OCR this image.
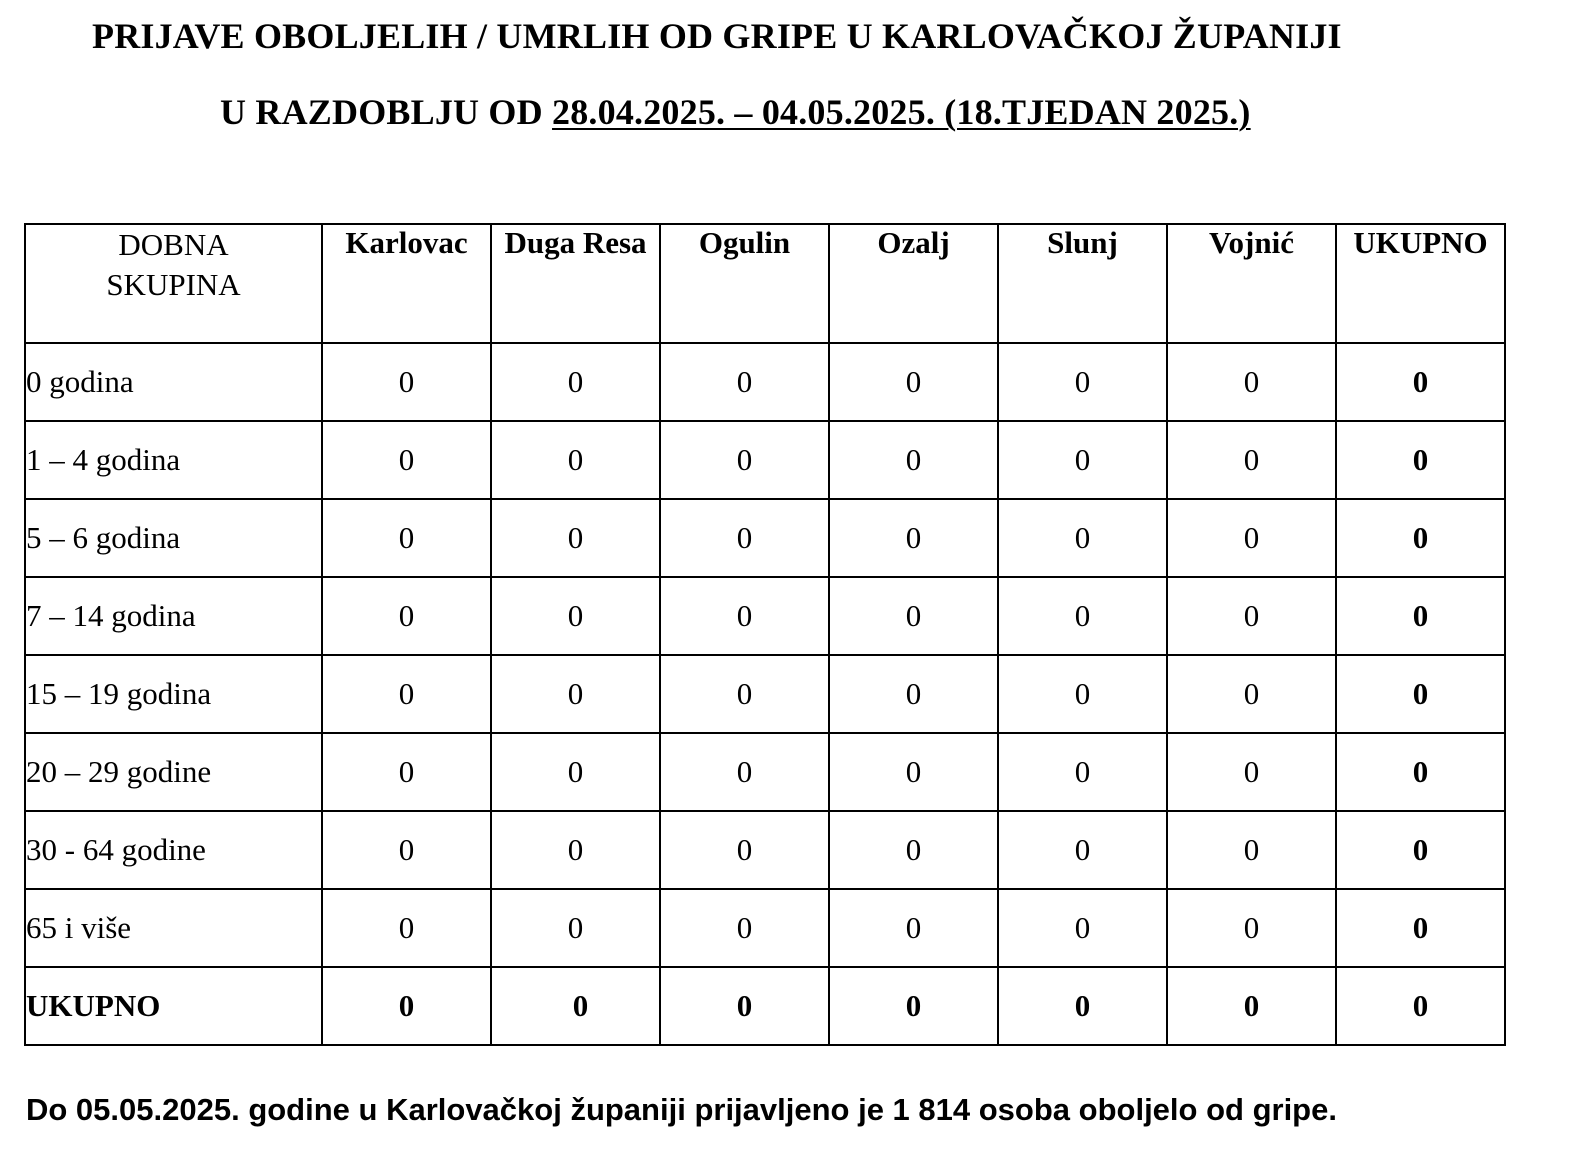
PRIJAVE OBOLJELIH / UMRLIH OD GRIPE U KARLOVAČKOJ ŽUPANIJI
U RAZDOBLJU OD 28.04.2025. – 04.05.2025. (18.TJEDAN 2025.)
DOBNA
SKUPINA	Karlovac	Duga Resa	Ogulin	Ozalj	Slunj	Vojnić	UKUPNO
0 godina	0	0	0	0	0	0	0
1 – 4 godina	0	0	0	0	0	0	0
5 – 6 godina	0	0	0	0	0	0	0
7 – 14 godina	0	0	0	0	0	0	0
15 – 19 godina	0	0	0	0	0	0	0
20 – 29 godine	0	0	0	0	0	0	0
30 - 64 godine	0	0	0	0	0	0	0
65 i više	0	0	0	0	0	0	0
UKUPNO	0	0	0	0	0	0	0
Do 05.05.2025. godine u Karlovačkoj županiji prijavljeno je 1 814 osoba oboljelo od gripe.
